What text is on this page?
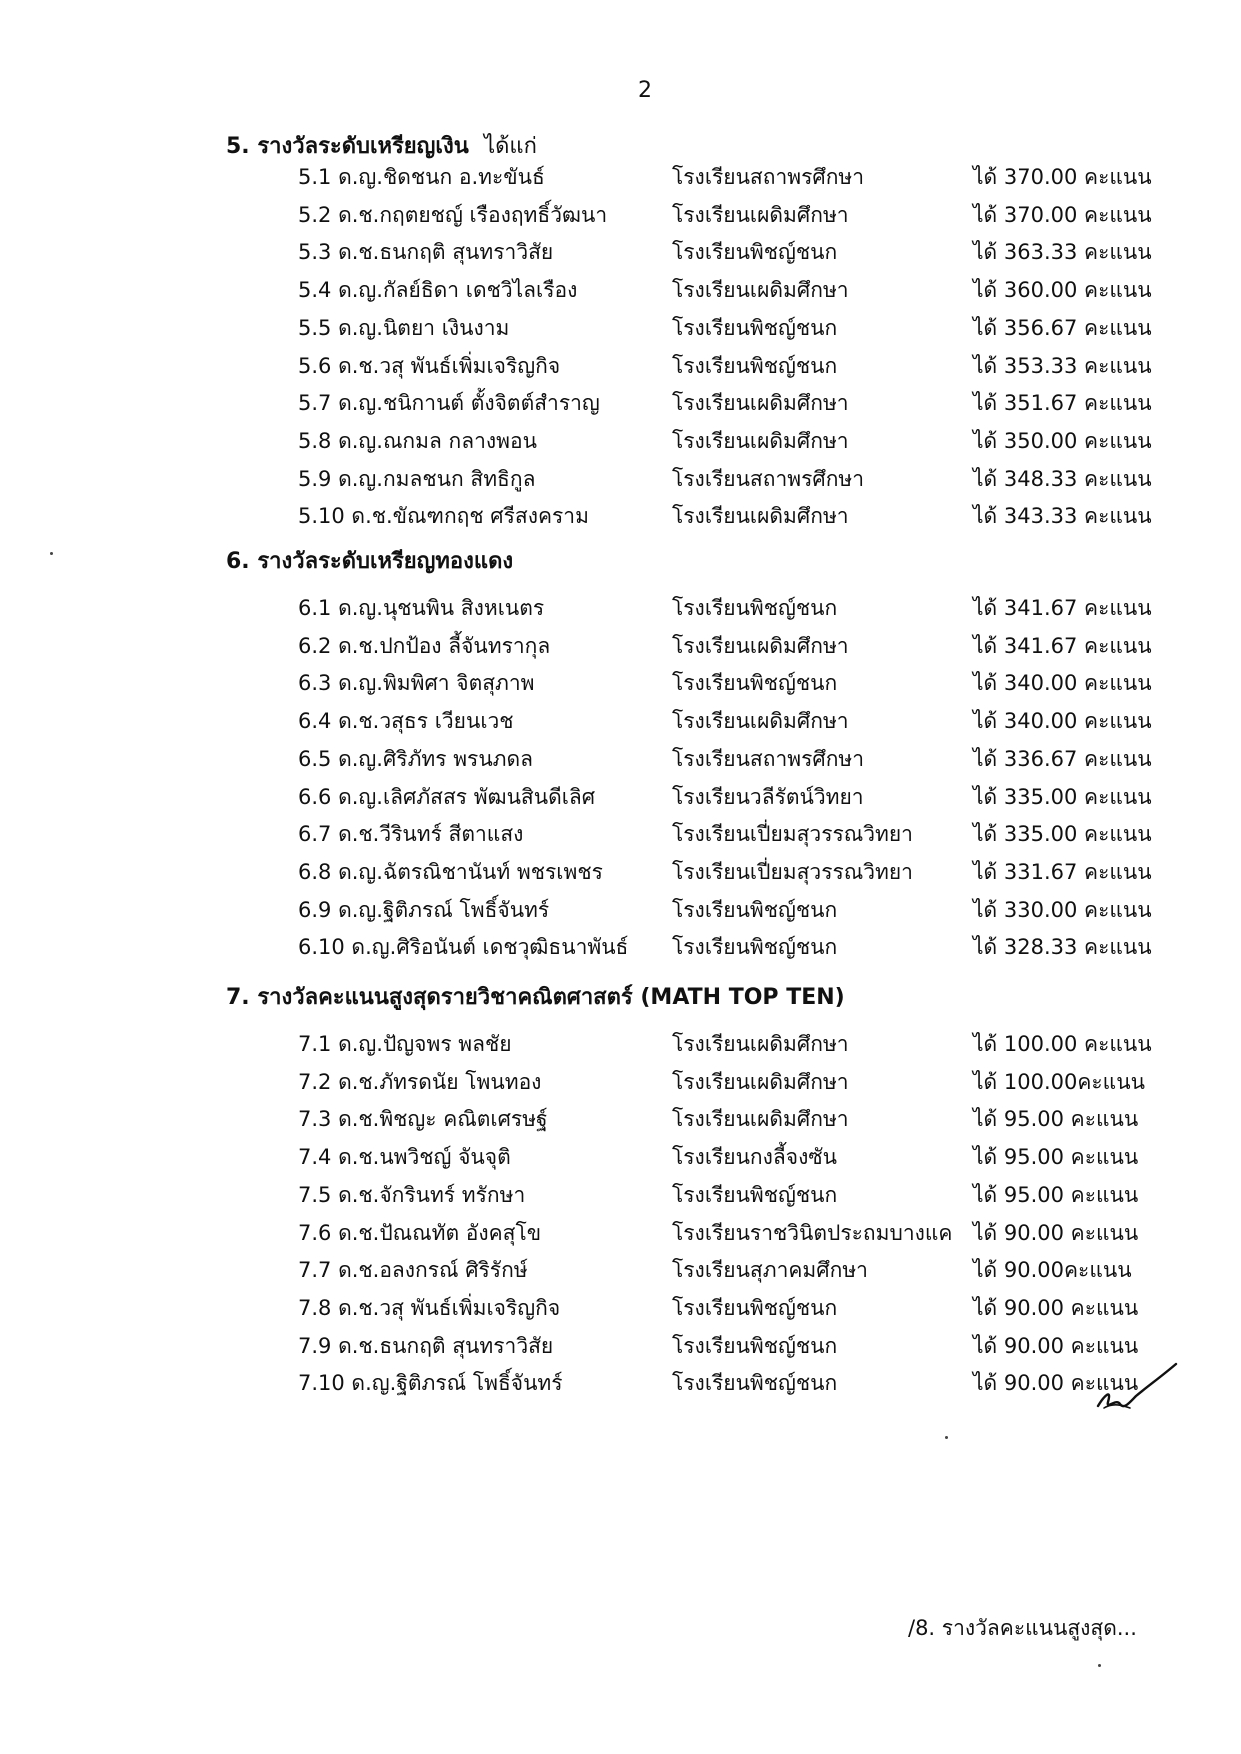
2
5. รางวัลระดับเหรียญเงิน ได้แก่
5.1 ด.ญ.ชิดชนก อ.ทะขันธ์	โรงเรียนสถาพรศึกษา	ได้ 370.00 คะแนน
5.2 ด.ช.กฤตยชญ์ เรืองฤทธิ์วัฒนา	โรงเรียนเผดิมศึกษา	ได้ 370.00 คะแนน
5.3 ด.ช.ธนกฤติ สุนทราวิสัย	โรงเรียนพิชญ์ชนก	ได้ 363.33 คะแนน
5.4 ด.ญ.กัลย์ธิดา เดชวิไลเรือง	โรงเรียนเผดิมศึกษา	ได้ 360.00 คะแนน
5.5 ด.ญ.นิตยา เงินงาม	โรงเรียนพิชญ์ชนก	ได้ 356.67 คะแนน
5.6 ด.ช.วสุ พันธ์เพิ่มเจริญกิจ	โรงเรียนพิชญ์ชนก	ได้ 353.33 คะแนน
5.7 ด.ญ.ชนิกานต์ ตั้งจิตต์สำราญ	โรงเรียนเผดิมศึกษา	ได้ 351.67 คะแนน
5.8 ด.ญ.ณกมล กลางพอน	โรงเรียนเผดิมศึกษา	ได้ 350.00 คะแนน
5.9 ด.ญ.กมลชนก สิทธิกูล	โรงเรียนสถาพรศึกษา	ได้ 348.33 คะแนน
5.10 ด.ช.ขัณฑกฤช ศรีสงคราม	โรงเรียนเผดิมศึกษา	ได้ 343.33 คะแนน
6. รางวัลระดับเหรียญทองแดง
6.1 ด.ญ.นุชนพิน สิงหเนตร	โรงเรียนพิชญ์ชนก	ได้ 341.67 คะแนน
6.2 ด.ช.ปกป้อง ลี้จันทรากุล	โรงเรียนเผดิมศึกษา	ได้ 341.67 คะแนน
6.3 ด.ญ.พิมพิศา จิตสุภาพ	โรงเรียนพิชญ์ชนก	ได้ 340.00 คะแนน
6.4 ด.ช.วสุธร เวียนเวช	โรงเรียนเผดิมศึกษา	ได้ 340.00 คะแนน
6.5 ด.ญ.ศิริภัทร พรนภดล	โรงเรียนสถาพรศึกษา	ได้ 336.67 คะแนน
6.6 ด.ญ.เลิศภัสสร พัฒนสินดีเลิศ	โรงเรียนวลีรัตน์วิทยา	ได้ 335.00 คะแนน
6.7 ด.ช.วีรินทร์ สีตาแสง	โรงเรียนเปี่ยมสุวรรณวิทยา	ได้ 335.00 คะแนน
6.8 ด.ญ.ฉัตรณิชานันท์ พชรเพชร	โรงเรียนเปี่ยมสุวรรณวิทยา	ได้ 331.67 คะแนน
6.9 ด.ญ.ฐิติภรณ์ โพธิ์จันทร์	โรงเรียนพิชญ์ชนก	ได้ 330.00 คะแนน
6.10 ด.ญ.ศิริอนันต์ เดชวุฒิธนาพันธ์ โรงเรียนพิชญ์ชนก	ได้ 328.33 คะแนน
7. รางวัลคะแนนสูงสุดรายวิชาคณิตศาสตร์ (MATH TOP TEN)
7.1 ด.ญ.ปัญจพร พลชัย	โรงเรียนเผดิมศึกษา	ได้ 100.00 คะแนน
7.2 ด.ช.ภัทรดนัย โพนทอง	โรงเรียนเผดิมศึกษา	ได้ 100.00คะแนน
7.3 ด.ช.พิชญะ คณิตเศรษฐ์	โรงเรียนเผดิมศึกษา	ได้ 95.00 คะแนน
7.4 ด.ช.นพวิชญ์ จันจุติ	โรงเรียนกงลี้จงซัน	ได้ 95.00 คะแนน
7.5 ด.ช.จักรินทร์ ทรักษา	โรงเรียนพิชญ์ชนก	ได้ 95.00 คะแนน
7.6 ด.ช.ปัณณทัต อังคสุโข	โรงเรียนราชวินิตประถมบางแค ได้ 90.00 คะแนน
7.7 ด.ช.อลงกรณ์ ศิริรักษ์	โรงเรียนสุภาคมศึกษา	ได้ 90.00คะแนน
7.8 ด.ช.วสุ พันธ์เพิ่มเจริญกิจ	โรงเรียนพิชญ์ชนก	ได้ 90.00 คะแนน
7.9 ด.ช.ธนกฤติ สุนทราวิสัย	โรงเรียนพิชญ์ชนก	ได้ 90.00 คะแนน
7.10 ด.ญ.ฐิติภรณ์ โพธิ์จันทร์	โรงเรียนพิชญ์ชนก	ได้ 90.00 คะแนน
/8. รางวัลคะแนนสูงสุด...
